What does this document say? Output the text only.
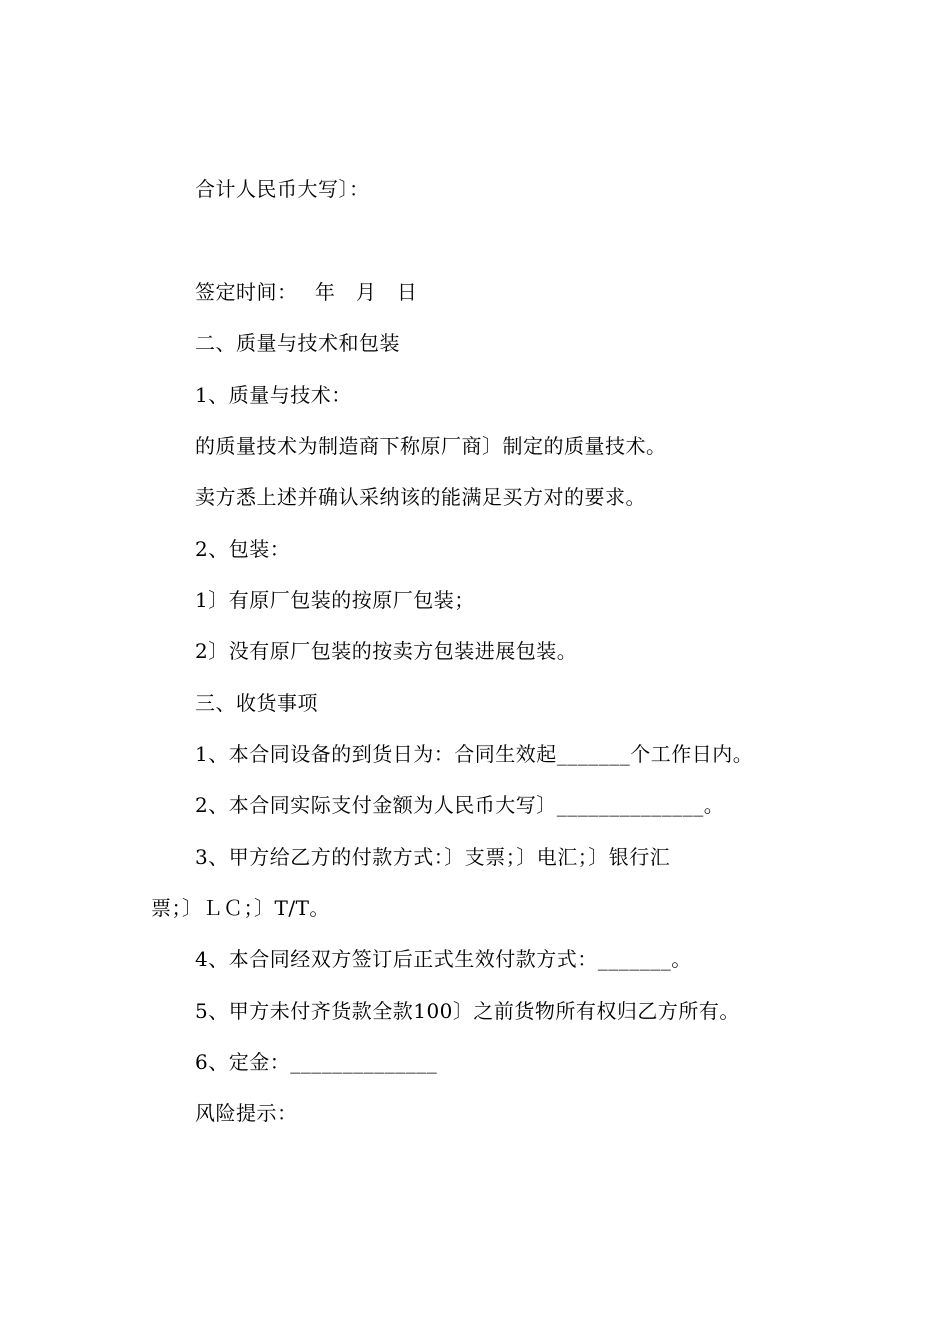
合计人民币大写〕：
签定时间：　 年　月　日
二、质量与技术和包装
1、质量与技术：
的质量技术为制造商下称原厂商〕制定的质量技术。
卖方悉上述并确认采纳该的能满足买方对的要求。
2、包装：
1〕有原厂包装的按原厂包装；
2〕没有原厂包装的按卖方包装进展包装。
三、收货事项
1、本合同设备的到货日为：合同生效起_______个工作日内。
2、本合同实际支付金额为人民币大写〕______________。
3、甲方给乙方的付款方式：〕支票；〕电汇；〕银行汇
票；〕ＬＣ；〕T/T。
4、本合同经双方签订后正式生效付款方式：_______。
5、甲方未付齐货款全款100〕之前货物所有权归乙方所有。
6、定金：______________
风险提示：
